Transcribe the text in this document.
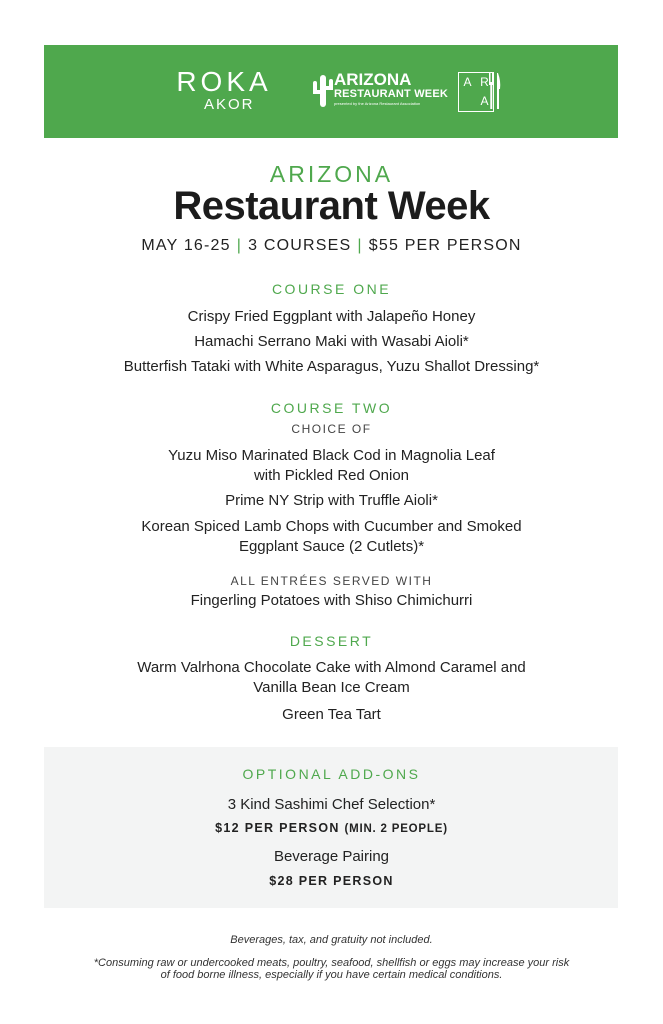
ROKA
AKOR
ARIZONA
RESTAURANT WEEK
presented by the Arizona Restaurant Association
A R
A
ARIZONA
Restaurant Week
MAY 16-25 | 3 COURSES | $55 PER PERSON
COURSE ONE
Crispy Fried Eggplant with Jalapeño Honey
Hamachi Serrano Maki with Wasabi Aioli*
Butterfish Tataki with White Asparagus, Yuzu Shallot Dressing*
COURSE TWO
CHOICE OF
Yuzu Miso Marinated Black Cod in Magnolia Leaf
with Pickled Red Onion
Prime NY Strip with Truffle Aioli*
Korean Spiced Lamb Chops with Cucumber and Smoked
Eggplant Sauce (2 Cutlets)*
ALL ENTRÉES SERVED WITH
Fingerling Potatoes with Shiso Chimichurri
DESSERT
Warm Valrhona Chocolate Cake with Almond Caramel and
Vanilla Bean Ice Cream
Green Tea Tart
OPTIONAL ADD-ONS
3 Kind Sashimi Chef Selection*
$12 PER PERSON (MIN. 2 PEOPLE)
Beverage Pairing
$28 PER PERSON
Beverages, tax, and gratuity not included.
*Consuming raw or undercooked meats, poultry, seafood, shellfish or eggs may increase your risk
of food borne illness, especially if you have certain medical conditions.
